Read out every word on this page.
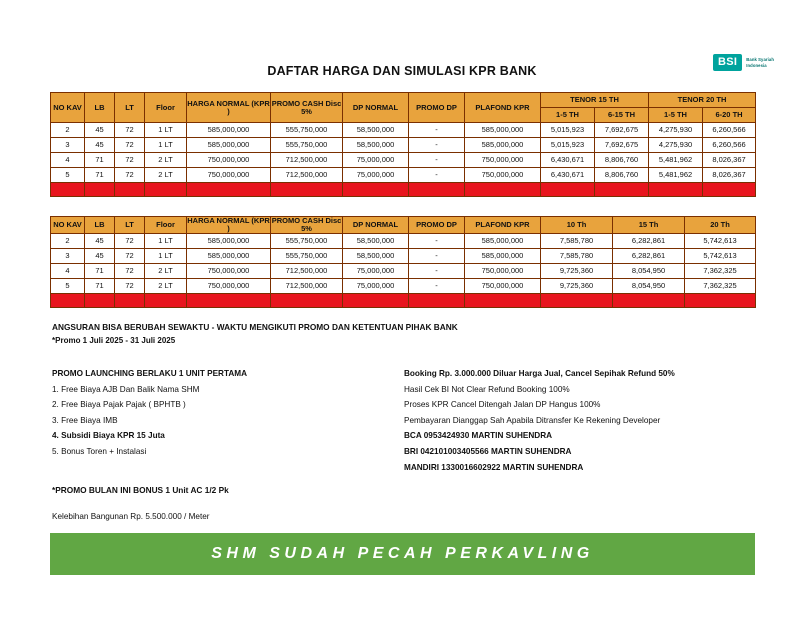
DAFTAR HARGA DAN SIMULASI KPR BANK
BSI	Bank Syariah
Indonesia
NO KAV	LB	LT	Floor	HARGA NORMAL (KPR )	PROMO CASH Disc 5%	DP NORMAL	PROMO DP	PLAFOND KPR	TENOR 15 TH		TENOR 20 TH	
									1-5 TH	6-15 TH	1-5 TH	6-20 TH
2	45	72	1 LT	585,000,000	555,750,000	58,500,000	-	585,000,000	5,015,923	7,692,675	4,275,930	6,260,566
3	45	72	1 LT	585,000,000	555,750,000	58,500,000	-	585,000,000	5,015,923	7,692,675	4,275,930	6,260,566
4	71	72	2 LT	750,000,000	712,500,000	75,000,000	-	750,000,000	6,430,671	8,806,760	5,481,962	8,026,367
5	71	72	2 LT	750,000,000	712,500,000	75,000,000	-	750,000,000	6,430,671	8,806,760	5,481,962	8,026,367

NO KAV	LB	LT	Floor	HARGA NORMAL (KPR )	PROMO CASH Disc 5%	DP NORMAL	PROMO DP	PLAFOND KPR	10 Th	15 Th	20 Th
2	45	72	1 LT	585,000,000	555,750,000	58,500,000	-	585,000,000	7,585,780	6,282,861	5,742,613
3	45	72	1 LT	585,000,000	555,750,000	58,500,000	-	585,000,000	7,585,780	6,282,861	5,742,613
4	71	72	2 LT	750,000,000	712,500,000	75,000,000	-	750,000,000	9,725,360	8,054,950	7,362,325
5	71	72	2 LT	750,000,000	712,500,000	75,000,000	-	750,000,000	9,725,360	8,054,950	7,362,325

ANGSURAN BISA BERUBAH SEWAKTU - WAKTU MENGIKUTI PROMO DAN KETENTUAN PIHAK BANK
*Promo 1 Juli 2025 - 31 Juli 2025
PROMO LAUNCHING BERLAKU 1 UNIT PERTAMA
1. Free Biaya AJB Dan Balik Nama SHM
2. Free Biaya Pajak Pajak ( BPHTB )
3. Free Biaya IMB
4. Subsidi Biaya KPR 15 Juta
5. Bonus Toren + Instalasi
Booking Rp. 3.000.000 Diluar Harga Jual, Cancel Sepihak Refund 50%
Hasil Cek BI Not Clear Refund Booking 100%
Proses KPR Cancel Ditengah Jalan DP Hangus 100%
Pembayaran Dianggap Sah Apabila Ditransfer Ke Rekening Developer
BCA 0953424930 MARTIN SUHENDRA
BRI 042101003405566 MARTIN SUHENDRA
MANDIRI 1330016602922 MARTIN SUHENDRA
*PROMO BULAN INI BONUS 1 Unit AC 1/2 Pk
Kelebihan Bangunan Rp. 5.500.000 / Meter
SHM SUDAH PECAH PERKAVLING
